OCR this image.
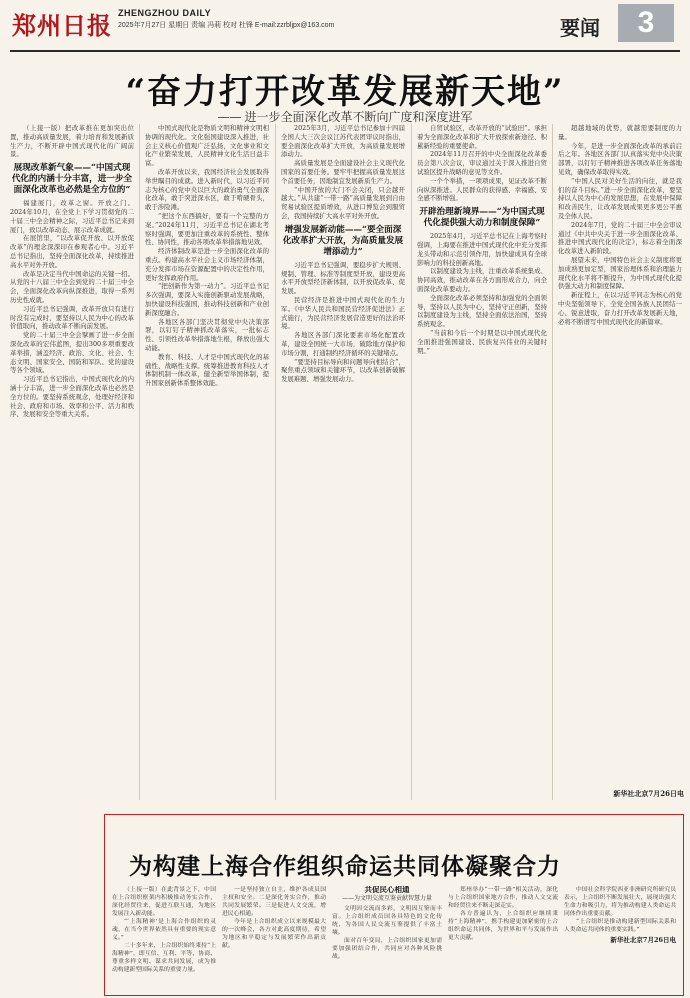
郑州日报 ZHENGZHOU DAILY
2025年7月27日 星期日 责编 冯莉 校对 杜锋 E-mail:zzrbljpx@163.com	要闻	3
“奋力打开改革发展新天地”
—— 进一步全面深化改革不断向广度和深度进军

（上接一版）把改革推在更加突出位置，推动高质量发展，着力培育和发展新质生产力，不断开辟中国式现代化的广阔前景。

展现改革新气象——“中国式现代化的内涵十分丰富，进一步全面深化改革也必然是全方位的”

福建厦门，改革之窗。开放之门。2024年10月，在全党上下学习贯彻党的二十届三中全会精神之际，习近平总书记来到厦门，致以改革动态、展示改革成就。

在展馆里，“以改革促开放、以开放促改革”的理念深深印在参观者心中。习近平总书记指出，坚持全面深化改革，持续推进高水平对外开放。

改革是决定当代中国命运的关键一招。从党的十八届三中全会到党的二十届三中全会，全面深化改革向纵深推进，取得一系列历史性成就。

习近平总书记强调，改革开放只有进行时没有完成时，要坚持以人民为中心的改革价值取向，推动改革不断向前发展。

党的二十届三中全会擘画了进一步全面深化改革的宏伟蓝图，提出300多项重要改革举措，涵盖经济、政治、文化、社会、生态文明、国家安全、国防和军队、党的建设等各个领域。

习近平总书记指出，中国式现代化的内涵十分丰富，进一步全面深化改革也必然是全方位的。要坚持系统观念，处理好经济和社会、政府和市场、效率和公平、活力和秩序、发展和安全等重大关系。

中国式现代化是物质文明和精神文明相协调的现代化。文化强国建设深入推进，社会主义核心价值观广泛弘扬，文化事业和文化产业繁荣发展，人民精神文化生活日益丰富。

改革开放以来，我国经济社会发展取得举世瞩目的成就。进入新时代，以习近平同志为核心的党中央以巨大的政治勇气全面深化改革，敢于突进深水区，敢于啃硬骨头，敢于涉险滩。

“把这个东西搞好，要有一个完整的方案。”2024年11月，习近平总书记在湖北考察时强调，要更加注重改革的系统性、整体性、协同性，推动各项改革举措落地见效。

经济体制改革是进一步全面深化改革的重点。构建高水平社会主义市场经济体制，充分发挥市场在资源配置中的决定性作用，更好发挥政府作用。

“把创新作为第一动力”。习近平总书记多次强调，要深入实施创新驱动发展战略，加快建设科技强国，推动科技创新和产业创新深度融合。

各地区各部门坚决贯彻党中央决策部署，以钉钉子精神抓改革落实，一批标志性、引领性改革举措落地生根，释放出强大动能。

教育、科技、人才是中国式现代化的基础性、战略性支撑。统筹推进教育科技人才体制机制一体改革，健全新型举国体制，提升国家创新体系整体效能。

2025年3月，习近平总书记参加十四届全国人大三次会议江苏代表团审议时指出，要全面深化改革扩大开放，为高质量发展增添动力。

高质量发展是全面建设社会主义现代化国家的首要任务。要牢牢把握高质量发展这个首要任务，因地制宜发展新质生产力。

“中国开放的大门不会关闭，只会越开越大。”从共建“一带一路”高质量发展到自由贸易试验区提质增效，从进口博览会到服贸会，我国持续扩大高水平对外开放。

增强发展新动能——“要全面深化改革扩大开放，为高质量发展增添动力”

习近平总书记强调，要稳步扩大规则、规制、管理、标准等制度型开放，建设更高水平开放型经济新体制，以开放促改革、促发展。

民营经济是推进中国式现代化的生力军。《中华人民共和国民营经济促进法》正式施行，为民营经济发展营造更好的法治环境。

各地区各部门深化要素市场化配置改革，建设全国统一大市场，破除地方保护和市场分割，打通制约经济循环的关键堵点。

“要坚持目标导向和问题导向相结合”，聚焦重点领域和关键环节，以改革创新破解发展难题、增强发展动力。

自贸试验区，改革开放的“试验田”。承担着为全面深化改革和扩大开放探索新途径、积累新经验的重要使命。

2024年11月召开的中央全面深化改革委员会第八次会议，审议通过关于深入推进自贸试验区提升战略的意见等文件。

一个个举措，一项项成果，见证改革不断向纵深推进。人民群众的获得感、幸福感、安全感不断增强。

开辟治理新境界——“为中国式现代化提供强大动力和制度保障”

2025年4月，习近平总书记在上海考察时强调，上海要在推进中国式现代化中充分发挥龙头带动和示范引领作用，加快建成具有全球影响力的科技创新高地。

以制度建设为主线，注重改革系统集成、协同高效，推动改革在各方面形成合力，向全面深化改革要动力。

全面深化改革必须坚持和加强党的全面领导，坚持以人民为中心，坚持守正创新，坚持以制度建设为主线，坚持全面依法治国，坚持系统观念。

“当前和今后一个时期是以中国式现代化全面推进强国建设、民族复兴伟业的关键时期。”

超越地域的优势，就越需要制度的力量。

今年，是进一步全面深化改革的承前启后之年。各地区各部门认真落实党中央决策部署，以钉钉子精神推进各项改革任务落地见效，确保改革取得实效。

“中国人民对美好生活的向往，就是我们的奋斗目标。”进一步全面深化改革，要坚持以人民为中心的发展思想，在发展中保障和改善民生，让改革发展成果更多更公平惠及全体人民。

2024年7月，党的二十届三中全会审议通过《中共中央关于进一步全面深化改革、推进中国式现代化的决定》，标志着全面深化改革进入新阶段。

展望未来，中国特色社会主义制度将更加成熟更加定型，国家治理体系和治理能力现代化水平将不断提升，为中国式现代化提供强大动力和制度保障。

新征程上，在以习近平同志为核心的党中央坚强领导下，全党全国各族人民团结一心、锐意进取，奋力打开改革发展新天地，必将不断谱写中国式现代化的新篇章。

新华社北京7月26日电
为构建上海合作组织命运共同体凝聚合力

（上接一版）在此背景之下，中国在上合组织框架内积极推动务实合作，深化经贸往来，促进互联互通，为地区发展注入新动能。

“‘上海精神’是上海合作组织的灵魂，在当今世界依然具有重要的现实意义。”

二十多年来，上合组织始终秉持“上海精神”，即互信、互利、平等、协商、尊重多样文明、谋求共同发展，成为推动构建新型国际关系的重要力量。

一是坚持独立自主，维护各成员国主权和安全。二是深化务实合作，推动共同发展繁荣。三是促进人文交流，增进民心相通。

今年是上合组织成立以来规模最大的一次峰会，各方对此高度期待，希望为地区和平稳定与发展繁荣作出新贡献。

共促民心相通
——为文明交流互鉴贡献智慧力量

文明因交流而多彩，文明因互鉴而丰富。上合组织成员国各具特色的文化传统，为各国人民交流互鉴提供了丰富土壤。

面对百年变局，上合组织国家更加需要加强团结合作，共同应对各种风险挑战。

郑州举办“一带一路”相关活动，深化与上合组织国家地方合作，推动人文交流和经贸往来不断走深走实。

各方普遍认为，上合组织应继续秉持“上海精神”，携手构建更加紧密的上合组织命运共同体，为世界和平与发展作出更大贡献。

中国社会科学院西亚非洲研究所研究员表示，上合组织不断发展壮大，展现出强大生命力和吸引力，将为推动构建人类命运共同体作出重要贡献。

“上合组织是推动构建新型国际关系和人类命运共同体的重要实践。”

新华社北京7月26日电
